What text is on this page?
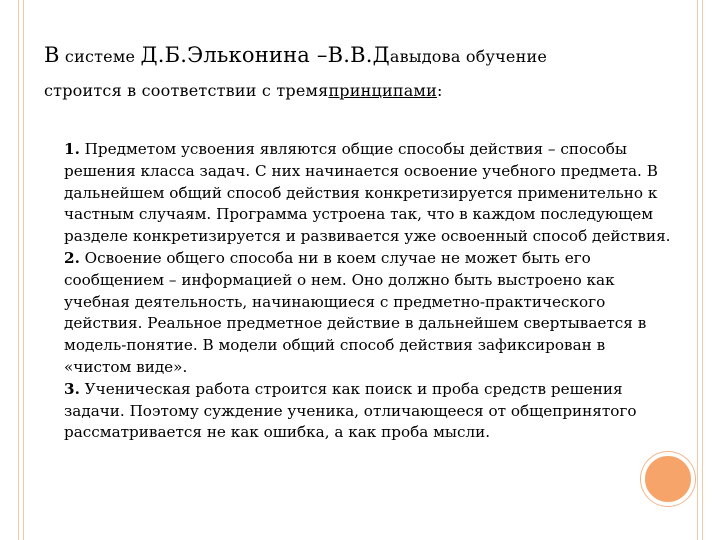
В системе Д.Б.Эльконина –В.В.Давыдова обучение
строится в соответствии с тремяпринципами:

1. Предметом усвоения являются общие способы действия – способы решения класса задач. С них начинается освоение учебного предмета. В дальнейшем общий способ действия конкретизируется применительно к частным случаям. Программа устроена так, что в каждом последующем разделе конкретизируется и развивается уже освоенный способ действия.

2. Освоение общего способа ни в коем случае не может быть его сообщением – информацией о нем. Оно должно быть выстроено как учебная деятельность, начинающиеся с предметно-практического действия. Реальное предметное действие в дальнейшем свертывается в модель-понятие. В модели общий способ действия зафиксирован в «чистом виде».

3. Ученическая работа строится как поиск и проба средств решения задачи. Поэтому суждение ученика, отличающееся от общепринятого рассматривается не как ошибка, а как проба мысли.
